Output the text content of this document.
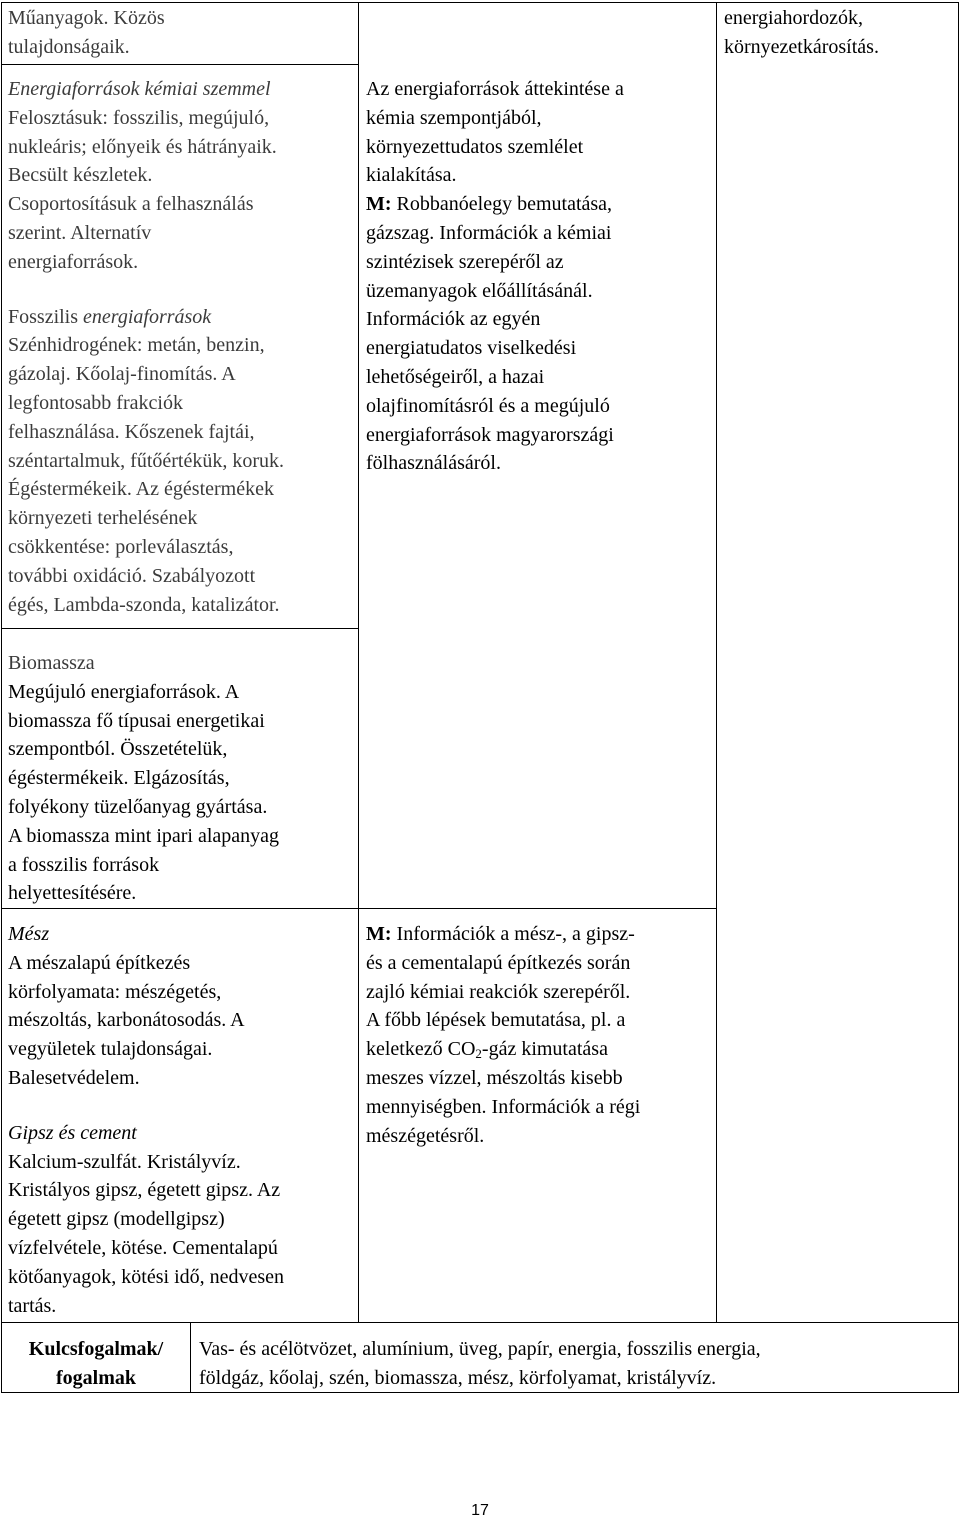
Műanyagok. Közös

tulajdonságaik.

Energiaforrások kémiai szemmel

Felosztásuk: fosszilis, megújuló,

nukleáris; előnyeik és hátrányaik.

Becsült készletek.

Csoportosításuk a felhasználás

szerint. Alternatív

energiaforrások.

Fosszilis energiaforrások

Szénhidrogének: metán, benzin,

gázolaj. Kőolaj-finomítás. A

legfontosabb frakciók

felhasználása. Kőszenek fajtái,

széntartalmuk, fűtőértékük, koruk.

Égéstermékeik. Az égéstermékek

környezeti terhelésének

csökkentése: porleválasztás,

további oxidáció. Szabályozott

égés, Lambda-szonda, katalizátor.

Biomassza

Megújuló energiaforrások. A

biomassza fő típusai energetikai

szempontból. Összetételük,

égéstermékeik. Elgázosítás,

folyékony tüzelőanyag gyártása.

A biomassza mint ipari alapanyag

a fosszilis források

helyettesítésére.

Mész

A mészalapú építkezés

körfolyamata: mészégetés,

mészoltás, karbonátosodás. A

vegyületek tulajdonságai.

Balesetvédelem.

Gipsz és cement

Kalcium-szulfát. Kristályvíz.

Kristályos gipsz, égetett gipsz. Az

égetett gipsz (modellgipsz)

vízfelvétele, kötése. Cementalapú

kötőanyagok, kötési idő, nedvesen

tartás.

Az energiaforrások áttekintése a

kémia szempontjából,

környezettudatos szemlélet

kialakítása.

M: Robbanóelegy bemutatása,

gázszag. Információk a kémiai

szintézisek szerepéről az

üzemanyagok előállításánál.

Információk az egyén

energiatudatos viselkedési

lehetőségeiről, a hazai

olajfinomításról és a megújuló

energiaforrások magyarországi

fölhasználásáról.

M: Információk a mész-, a gipsz-

és a cementalapú építkezés során

zajló kémiai reakciók szerepéről.

A főbb lépések bemutatása, pl. a

keletkező $CO_2$-gáz kimutatása

meszes vízzel, mészoltás kisebb

mennyiségben. Információk a régi

mészégetésről.

energiahordozók,

környezetkárosítás.

Kulcsfogalmak/
fogalmak
Vas- és acélötvözet, alumínium, üveg, papír, energia, fosszilis energia,
földgáz, kőolaj, szén, biomassza, mész, körfolyamat, kristályvíz.
17
